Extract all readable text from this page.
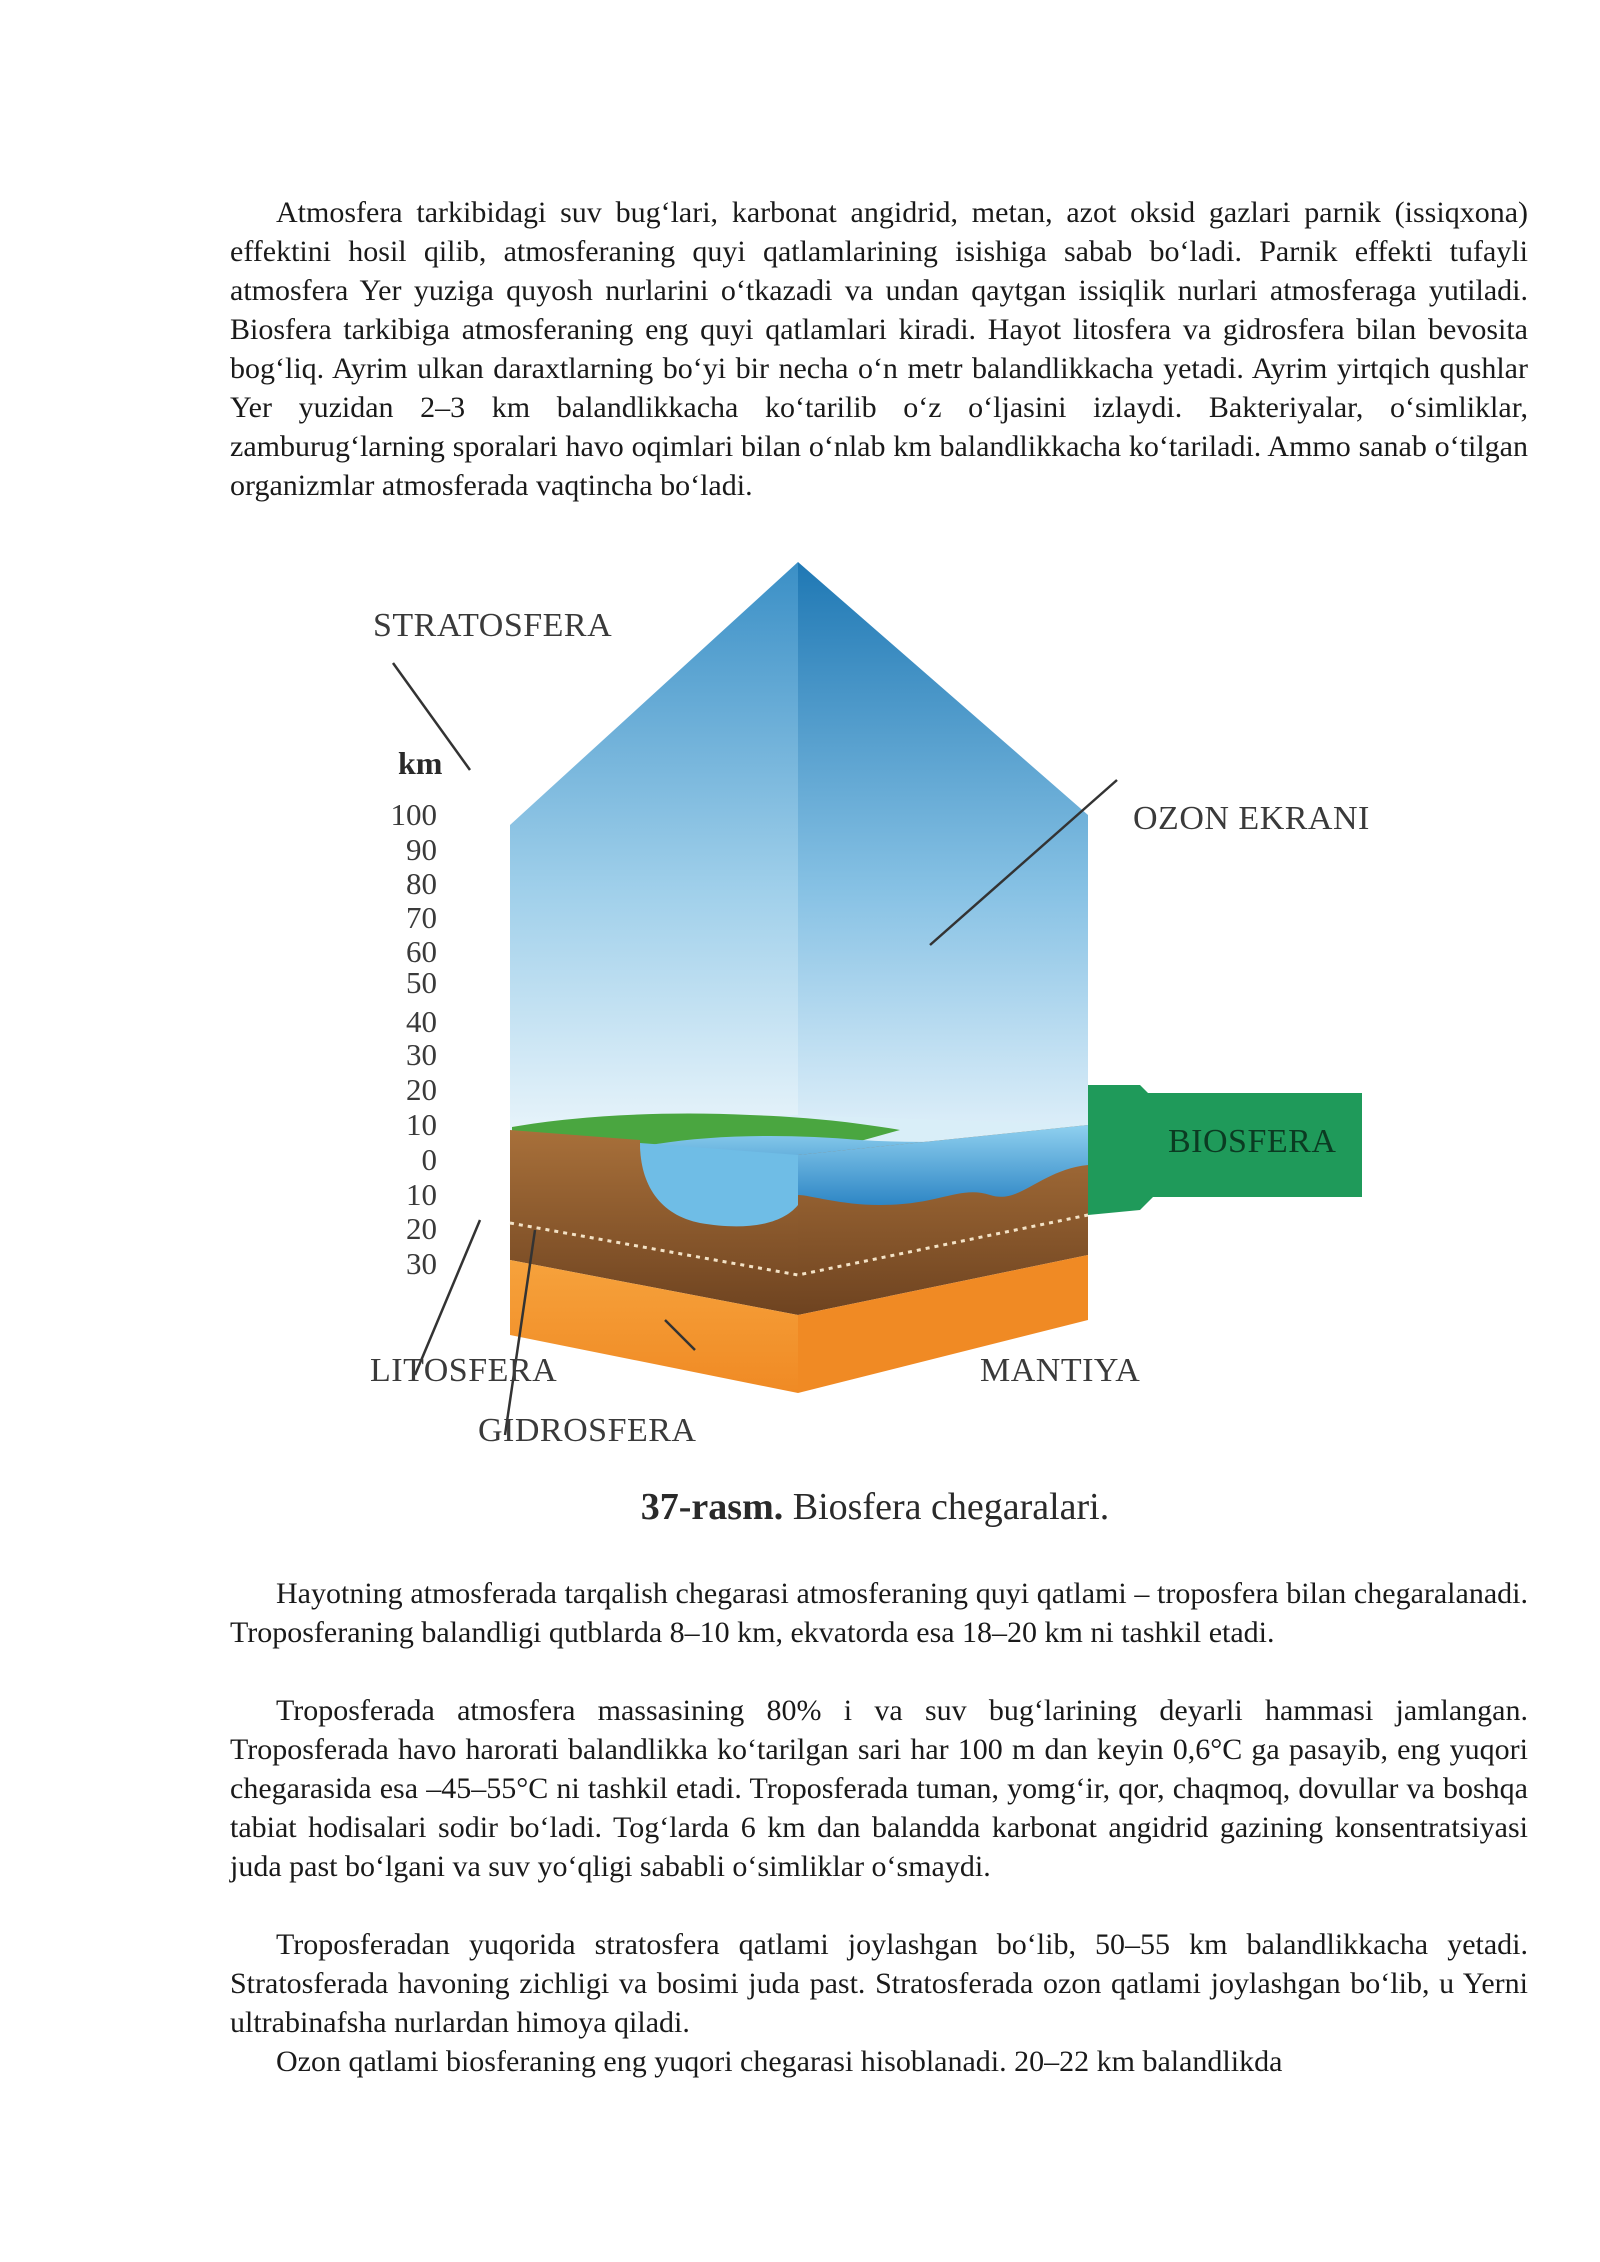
Atmosfera tarkibidagi suv bug‘lari, karbonat angidrid, metan, azot oksid gazlari parnik (issiqxona) effektini hosil qilib, atmosferaning quyi qatlamlarining isishiga sabab bo‘ladi. Parnik effekti tufayli atmosfera Yer yuziga quyosh nurlarini o‘tkazadi va undan qaytgan issiqlik nurlari atmosferaga yutiladi. Biosfera tarkibiga atmosferaning eng quyi qatlamlari kiradi. Hayot litosfera va gidrosfera bilan bevosita bog‘liq. Ayrim ulkan daraxtlarning bo‘yi bir necha o‘n metr balandlikkacha yetadi. Ayrim yirtqich qushlar Yer yuzidan 2–3 km balandlikkacha ko‘tarilib o‘z o‘ljasini izlaydi. Bakteriyalar, o‘simliklar, zamburug‘larning sporalari havo oqimlari bilan o‘nlab km balandlikkacha ko‘tariladi. Ammo sanab o‘tilgan organizmlar atmosferada vaqtincha bo‘ladi.

STRATOSFERA
OZON EKRANI
BIOSFERA
LITOSFERA
GIDROSFERA
MANTIYA
km
100
90
80
70
60
50
40
30
20
10
0
10
20
30
37-rasm. Biosfera chegaralari.

Hayotning atmosferada tarqalish chegarasi atmosferaning quyi qatlami – troposfera bilan chegaralanadi. Troposferaning balandligi qutblarda 8–10 km, ekvatorda esa 18–20 km ni tashkil etadi.

Troposferada atmosfera massasining 80% i va suv bug‘larining deyarli hammasi jamlangan. Troposferada havo harorati balandlikka ko‘tarilgan sari har 100 m dan keyin 0,6°C ga pasayib, eng yuqori chegarasida esa –45–55°C ni tashkil etadi. Troposferada tuman, yomg‘ir, qor, chaqmoq, dovullar va boshqa tabiat hodisalari sodir bo‘ladi. Tog‘larda 6 km dan balandda karbonat angidrid gazining konsentratsiyasi juda past bo‘lgani va suv yo‘qligi sababli o‘simliklar o‘smaydi.

Troposferadan yuqorida stratosfera qatlami joylashgan bo‘lib, 50–55 km balandlikkacha yetadi. Stratosferada havoning zichligi va bosimi juda past. Stratosferada ozon qatlami joylashgan bo‘lib, u Yerni ultrabinafsha nurlardan himoya qiladi.

Ozon qatlami biosferaning eng yuqori chegarasi hisoblanadi. 20–22 km balandlikda
